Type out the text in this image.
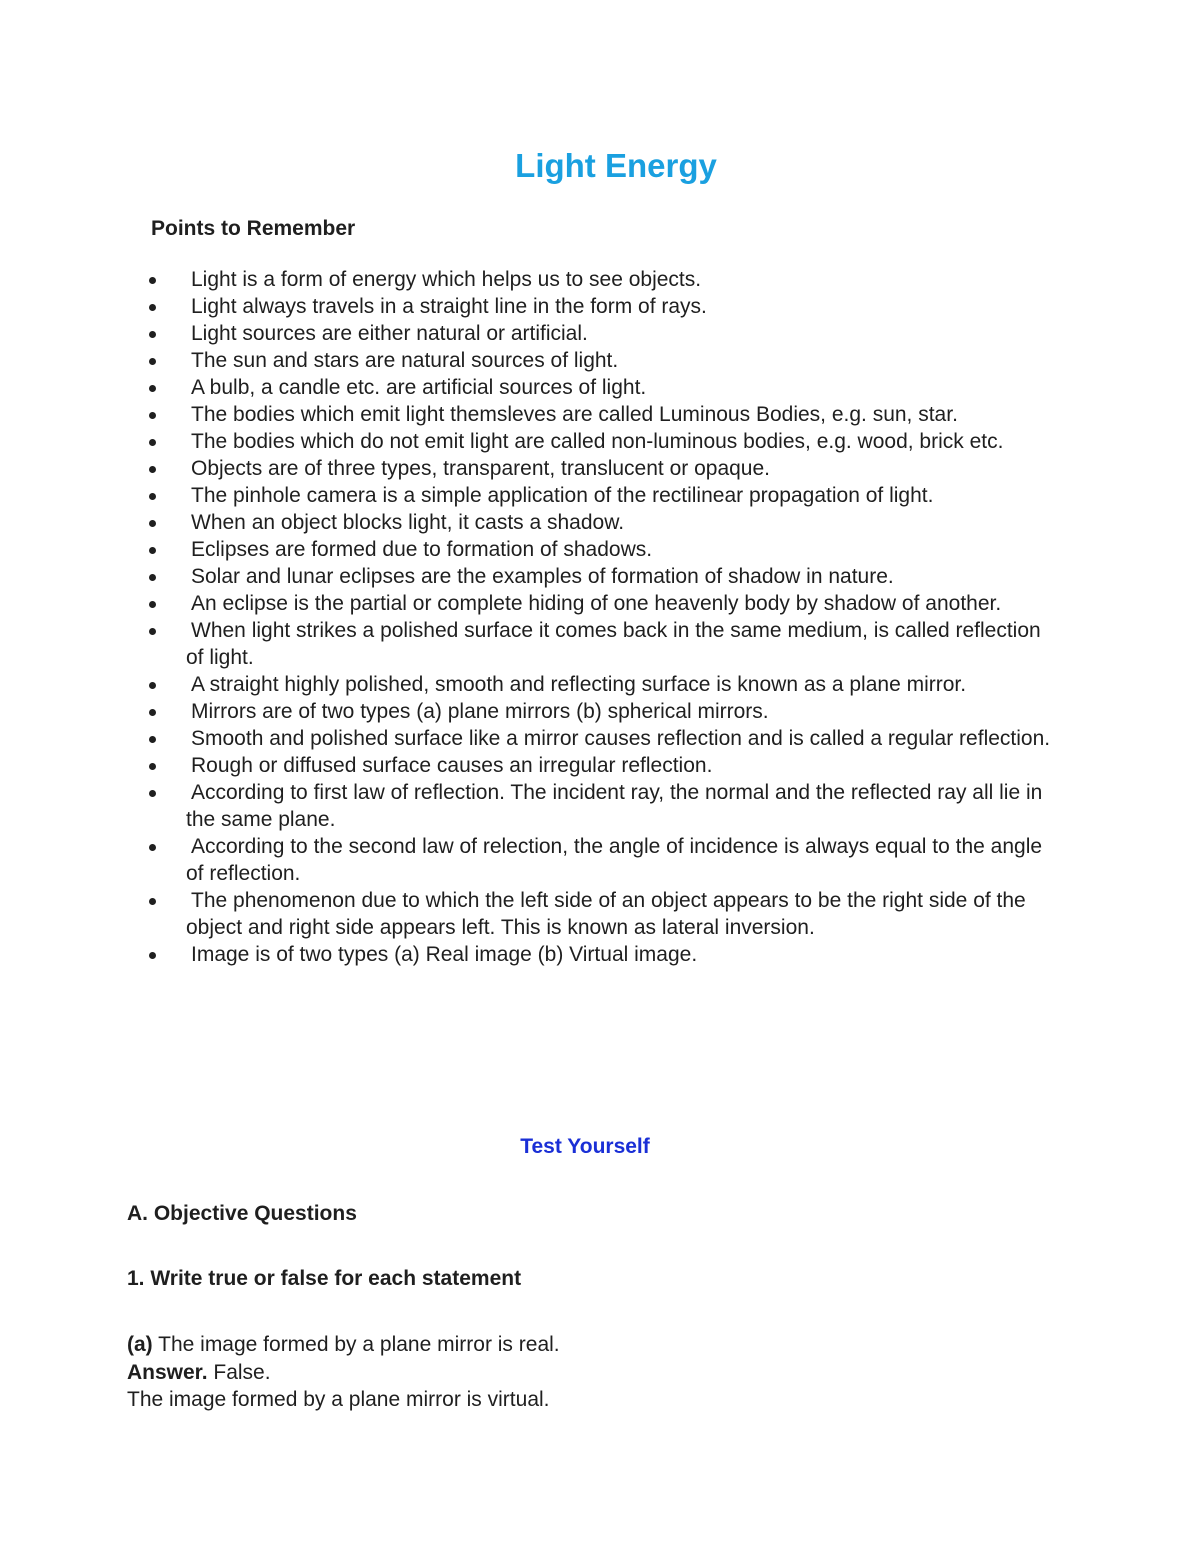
Light Energy
Points to Remember
Light is a form of energy which helps us to see objects.
Light always travels in a straight line in the form of rays.
Light sources are either natural or artificial.
The sun and stars are natural sources of light.
A bulb, a candle etc. are artificial sources of light.
The bodies which emit light themsleves are called Luminous Bodies, e.g. sun, star.
The bodies which do not emit light are called non-luminous bodies, e.g. wood, brick etc.
Objects are of three types, transparent, translucent or opaque.
The pinhole camera is a simple application of the rectilinear propagation of light.
When an object blocks light, it casts a shadow.
Eclipses are formed due to formation of shadows.
Solar and lunar eclipses are the examples of formation of shadow in nature.
An eclipse is the partial or complete hiding of one heavenly body by shadow of another.
When light strikes a polished surface it comes back in the same medium, is called reflection of light.
A straight highly polished, smooth and reflecting surface is known as a plane mirror.
Mirrors are of two types (a) plane mirrors (b) spherical mirrors.
Smooth and polished surface like a mirror causes reflection and is called a regular reflection.
Rough or diffused surface causes an irregular reflection.
According to first law of reflection. The incident ray, the normal and the reflected ray all lie in the same plane.
According to the second law of relection, the angle of incidence is always equal to the angle of reflection.
The phenomenon due to which the left side of an object appears to be the right side of the object and right side appears left. This is known as lateral inversion.
Image is of two types (a) Real image (b) Virtual image.
Test Yourself
A. Objective Questions
1. Write true or false for each statement

(a) The image formed by a plane mirror is real.

Answer. False.

The image formed by a plane mirror is virtual.
